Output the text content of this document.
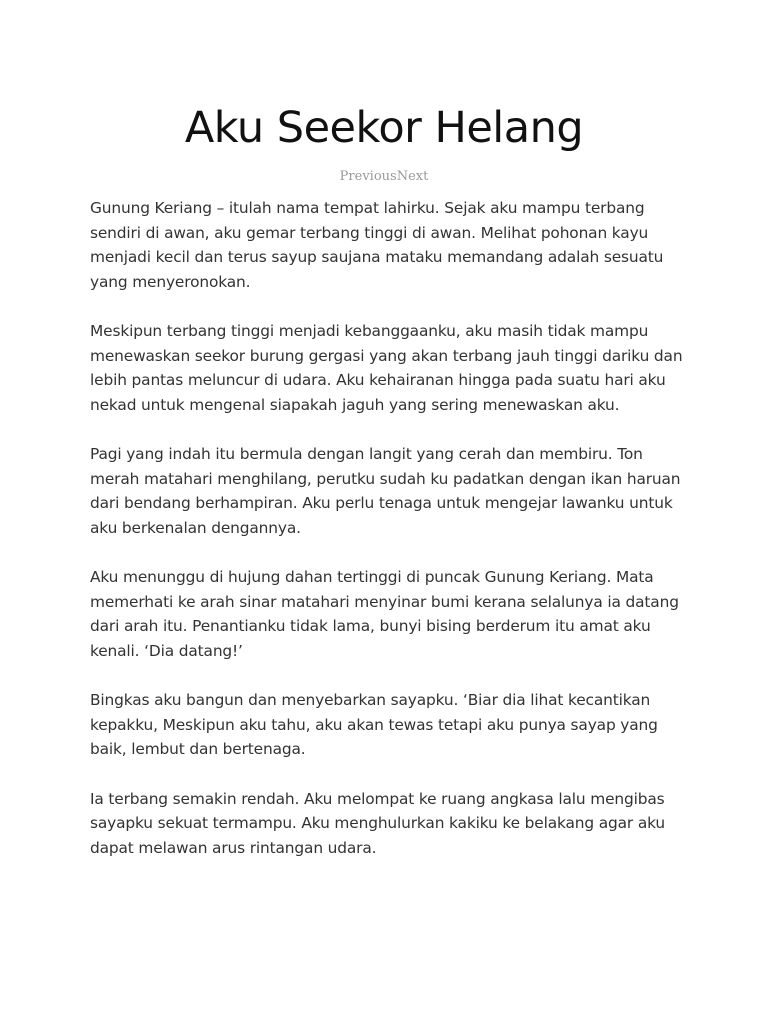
Aku Seekor Helang
PreviousNext

Gunung Keriang – itulah nama tempat lahirku. Sejak aku mampu terbang sendiri di awan, aku gemar terbang tinggi di awan. Melihat pohonan kayu menjadi kecil dan terus sayup saujana mataku memandang adalah sesuatu yang menyeronokan.

Meskipun terbang tinggi menjadi kebanggaanku, aku masih tidak mampu menewaskan seekor burung gergasi yang akan terbang jauh tinggi dariku dan lebih pantas meluncur di udara. Aku kehairanan hingga pada suatu hari aku nekad untuk mengenal siapakah jaguh yang sering menewaskan aku.

Pagi yang indah itu bermula dengan langit yang cerah dan membiru. Ton merah matahari menghilang, perutku sudah ku padatkan dengan ikan haruan dari bendang berhampiran. Aku perlu tenaga untuk mengejar lawanku untuk aku berkenalan dengannya.

Aku menunggu di hujung dahan tertinggi di puncak Gunung Keriang. Mata memerhati ke arah sinar matahari menyinar bumi kerana selalunya ia datang dari arah itu. Penantianku tidak lama, bunyi bising berderum itu amat aku kenali. ‘Dia datang!’

Bingkas aku bangun dan menyebarkan sayapku. ‘Biar dia lihat kecantikan kepakku, Meskipun aku tahu, aku akan tewas tetapi aku punya sayap yang baik, lembut dan bertenaga.

Ia terbang semakin rendah. Aku melompat ke ruang angkasa lalu mengibas sayapku sekuat termampu. Aku menghulurkan kakiku ke belakang agar aku dapat melawan arus rintangan udara.
